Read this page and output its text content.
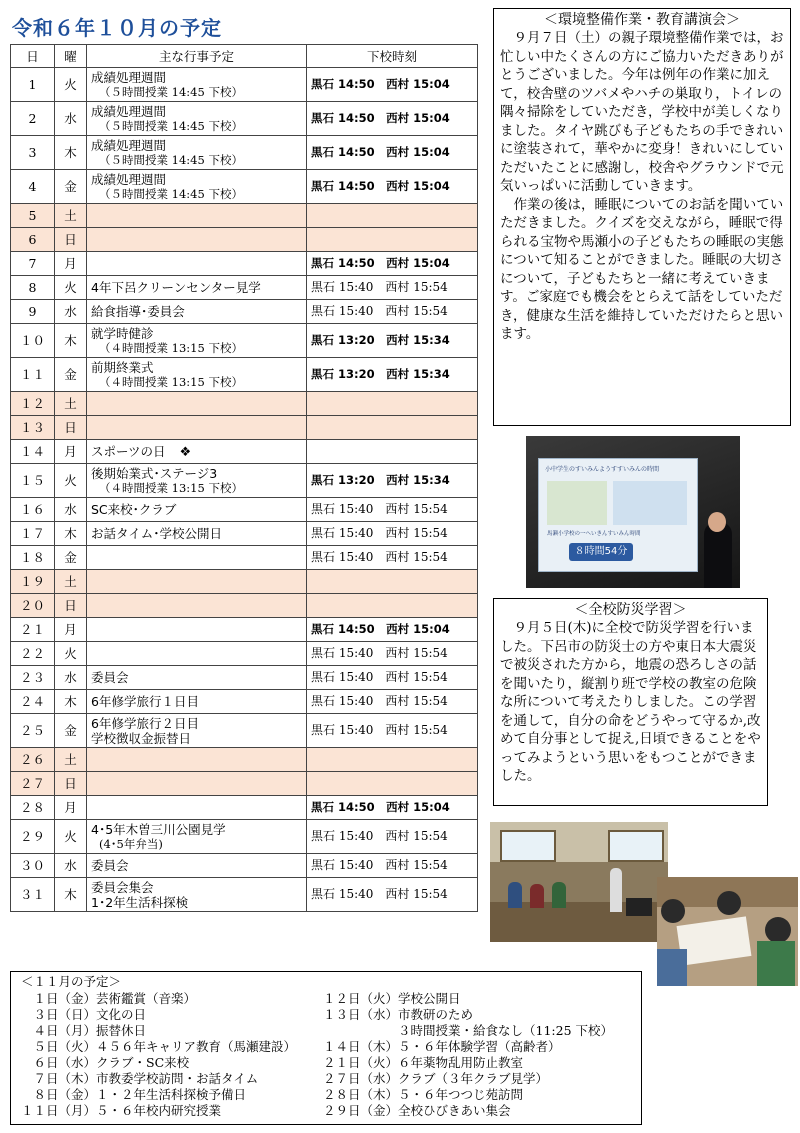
令和６年１０月の予定
日	曜	主な行事予定	下校時刻
1	火	成績処理週間
（５時間授業 14:45 下校）	黒石 14:50　西村 15:04
2	水	成績処理週間
（５時間授業 14:45 下校）	黒石 14:50　西村 15:04
3	木	成績処理週間
（５時間授業 14:45 下校）	黒石 14:50　西村 15:04
4	金	成績処理週間
（５時間授業 14:45 下校）	黒石 14:50　西村 15:04
5	土		
6	日		
7	月		黒石 14:50　西村 15:04
8	火	4年下呂クリーンセンター見学	黒石 15:40　西村 15:54
9	水	給食指導･委員会	黒石 15:40　西村 15:54
１０	木	就学時健診
（４時間授業 13:15 下校）	黒石 13:20　西村 15:34
１１	金	前期終業式
（４時間授業 13:15 下校）	黒石 13:20　西村 15:34
１２	土		
１３	日		
１４	月	スポーツの日 ❖	

１５	火	後期始業式･ステージ3
（４時間授業 13:15 下校）	黒石 13:20　西村 15:34
１６	水	SC来校･クラブ	黒石 15:40　西村 15:54
１７	木	お話タイム･学校公開日	黒石 15:40　西村 15:54
１８	金		黒石 15:40　西村 15:54
１９	土		
２０	日		
２１	月		黒石 14:50　西村 15:04
２２	火		黒石 15:40　西村 15:54
２３	水	委員会	黒石 15:40　西村 15:54
２４	木	6年修学旅行１日目	黒石 15:40　西村 15:54
２５	金	6年修学旅行２日目
学校徴収金振替日	黒石 15:40　西村 15:54
２６	土		
２７	日		
２８	月		黒石 14:50　西村 15:04
２９	火	4･5年木曽三川公園見学
(4･5年弁当)	黒石 15:40　西村 15:54
３０	水	委員会	黒石 15:40　西村 15:54
３１	木	委員会集会
1･2年生活科探検	黒石 15:40　西村 15:54
＜環境整備作業・教育講演会＞

９月７日（土）の親子環境整備作業では，お忙しい中たくさんの方にご協力いただきありがとうございました。今年は例年の作業に加えて，校舎壁のツバメやハチの巣取り，トイレの隅々掃除をしていただき，学校中が美しくなりました。タイヤ跳びも子どもたちの手できれいに塗装されて，華やかに変身！きれいにしていただいたことに感謝し，校舎やグラウンドで元気いっぱいに活動していきます。

作業の後は，睡眠についてのお話を聞いていただきました。クイズを交えながら，睡眠で得られる宝物や馬瀬小の子どもたちの睡眠の実態について知ることができました。睡眠の大切さについて，子どもたちと一緒に考えていきます。ご家庭でも機会をとらえて話をしていただき，健康な生活を維持していただけたらと思います。

小中学生のすいみんようすすいみんの時間
馬瀬小学校の一へいきんすいみん時間
８時間54分
＜全校防災学習＞

９月５日(木)に全校で防災学習を行いました。下呂市の防災士の方や東日本大震災で被災された方から，地震の恐ろしさの話を聞いたり，縦割り班で学校の教室の危険な所について考えたりしました。この学習を通して，自分の命をどうやって守るか,改めて自分事として捉え,日頃できることをやってみようという思いをもつことができました。

＜１１月の予定＞
　１日（金）芸術鑑賞（音楽）
　３日（日）文化の日
　４日（月）振替休日
　５日（火）４５６年キャリア教育（馬瀬建設）
　６日（水）クラブ・SC来校
　７日（木）市教委学校訪問・お話タイム
　８日（金）１・２年生活科探検予備日
１１日（月）５・６年校内研究授業
１２日（火）学校公開日
１３日（水）市教研のため
　　　　　　３時間授業・給食なし（11:25 下校）
１４日（木）５・６年体験学習（高齢者）
２１日（火）６年薬物乱用防止教室
２７日（水）クラブ（３年クラブ見学）
２８日（木）５・６年つつじ苑訪問
２９日（金）全校ひびきあい集会
